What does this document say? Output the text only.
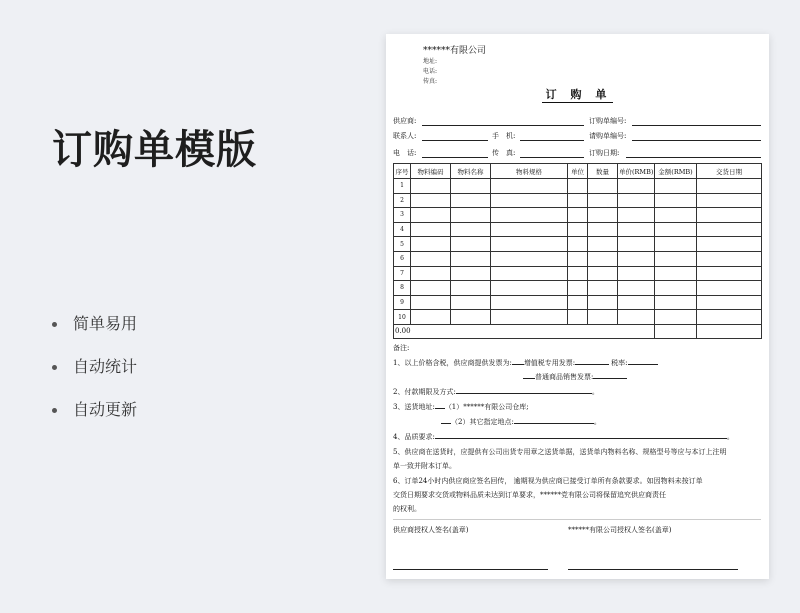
订购单模版
简单易用
自动统计
自动更新
******有限公司
地址:
电话:
传真:
订 购 单
供应商:	订购单编号:
联系人:	手　机:	请购单编号:
电　话:	传　真:	订购日期:
序号	物料编码	物料名称	物料规格	单位	数量	单价(RMB)	金额(RMB)	交货日期
1								
2								
3								
4								
5								
6								
7								
8								
9								
10								
0.00								
备注:
1、以上价格含税，供应商提供发票为: 增值税专用发票:	税率:
普通商品销售发票:
2、付款期限及方式:	。
3、送货地址: （1）******有限公司仓库;
（2）其它指定地点:	。
4、品质要求:	。
5、供应商在送货时，应提供有公司出货专用章之送货单据，送货单内物料名称、规格型号等应与本订上注明
单一致并附本订单。
6、订单24小时内供应商应签名回传， 逾期视为供应商已接受订单所有条款要求。如因物料未按订单
交货日期要求交货或物料品质未达到订单要求，******党有限公司将保留追究供应商责任
的权利。
供应商授权人签名(盖章)	******有限公司授权人签名(盖章)
